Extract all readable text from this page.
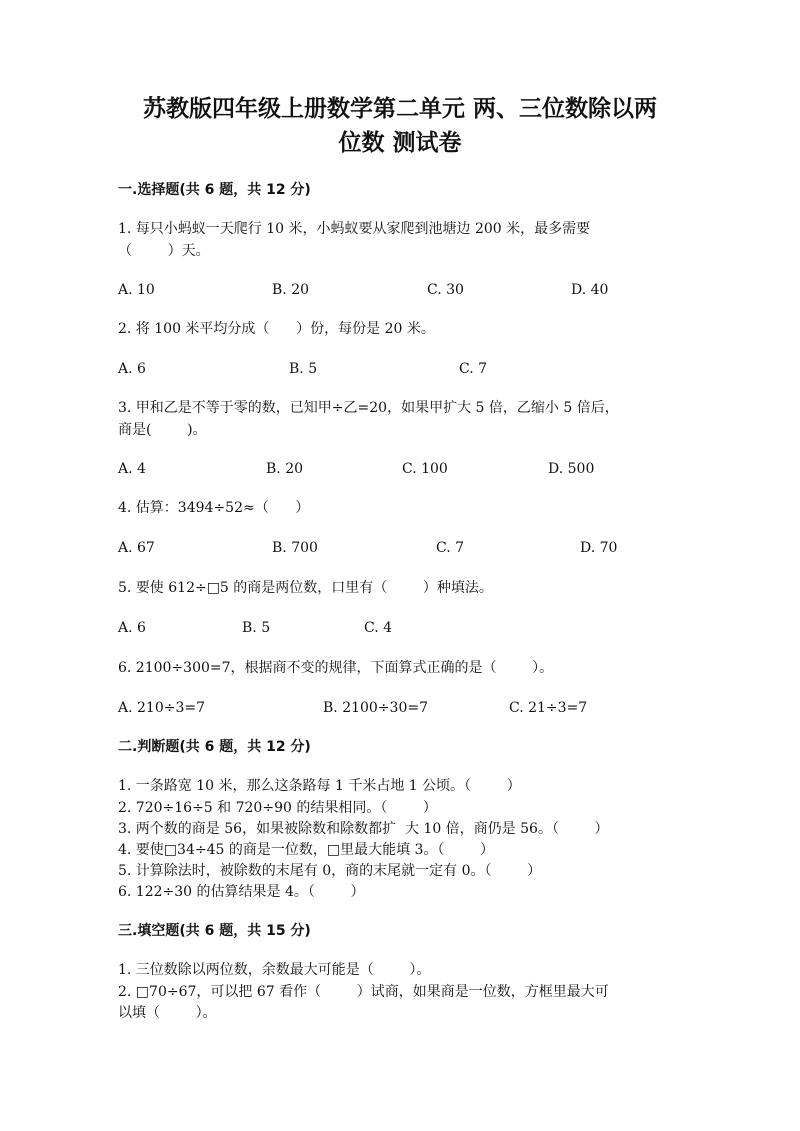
苏教版四年级上册数学第二单元 两、三位数除以两
位数 测试卷
一.选择题(共 6 题，共 12 分)

1. 每只小蚂蚁一天爬行 10 米，小蚂蚁要从家爬到池塘边 200 米，最多需要

（        ）天。

A. 10	B. 20	C. 30	D. 40

2. 将 100 米平均分成（      ）份，每份是 20 米。

A. 6	B. 5	C. 7

3. 甲和乙是不等于零的数，已知甲÷乙=20，如果甲扩大 5 倍，乙缩小 5 倍后，

商是(        )。

A. 4	B. 20	C. 100	D. 500

4. 估算：3494÷52≈（      ）

A. 67	B. 700	C. 7	D. 70

5. 要使 612÷□5 的商是两位数，口里有（        ）种填法。

A. 6	B. 5	C. 4

6. 2100÷300=7，根据商不变的规律，下面算式正确的是（        ）。

A. 210÷3=7	B. 2100÷30=7	C. 21÷3=7
二.判断题(共 6 题，共 12 分)

1. 一条路宽 10 米，那么这条路每 1 千米占地 1 公顷。（        ）

2. 720÷16÷5 和 720÷90 的结果相同。（        ）

3. 两个数的商是 56，如果被除数和除数都扩  大 10 倍，商仍是 56。（        ）

4. 要使□34÷45 的商是一位数，□里最大能填 3。（        ）

5. 计算除法时，被除数的末尾有 0，商的末尾就一定有 0。（        ）

6. 122÷30 的估算结果是 4。（        ）

三.填空题(共 6 题，共 15 分)

1. 三位数除以两位数，余数最大可能是（        ）。

2. □70÷67，可以把 67 看作（        ）试商，如果商是一位数，方框里最大可

以填（        ）。
